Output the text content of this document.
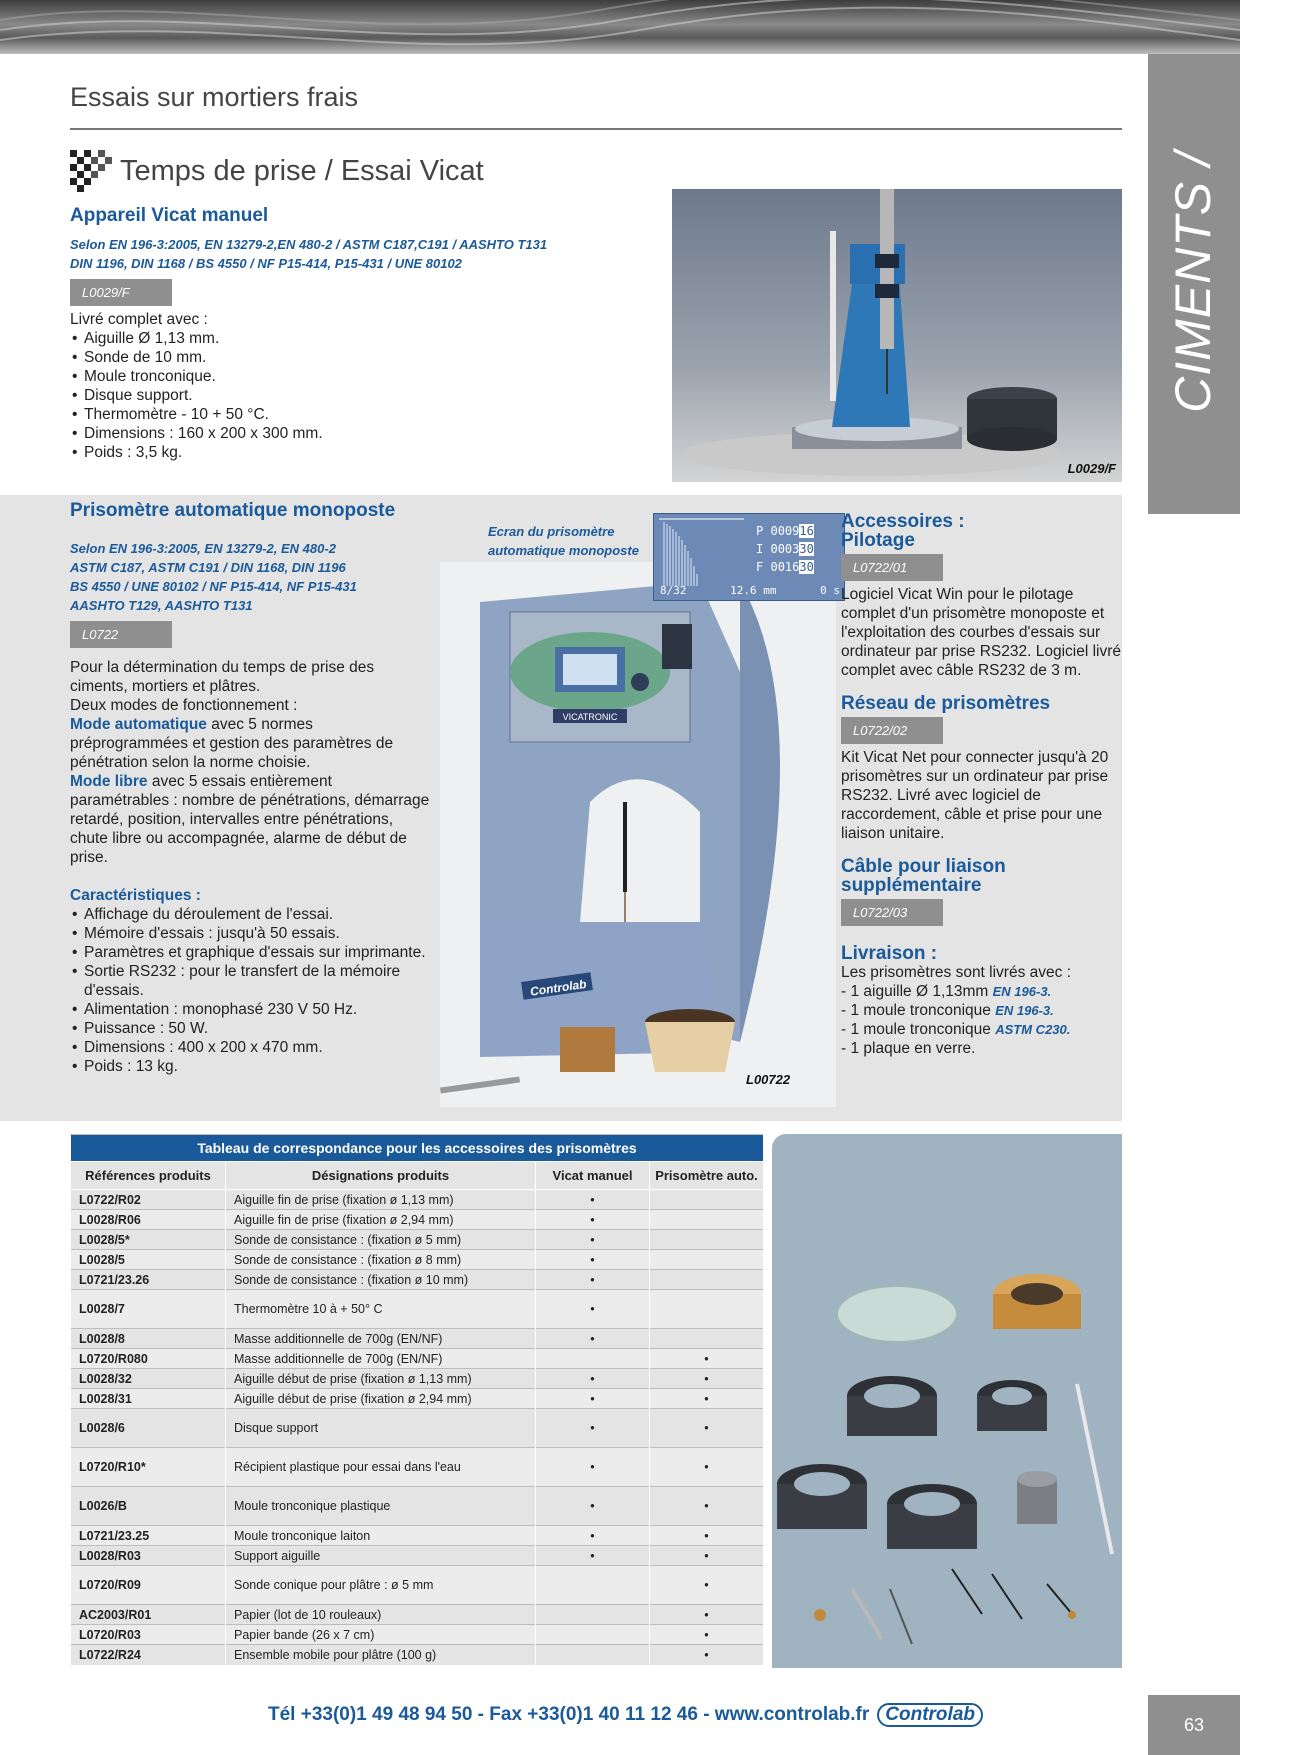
CIMENTS / MORTIERS
63
Essais sur mortiers frais
Temps de prise / Essai Vicat
Appareil Vicat manuel
Selon EN 196-3:2005, EN 13279-2,EN 480-2 / ASTM C187,C191 / AASHTO T131
DIN 1196, DIN 1168 / BS 4550 / NF P15-414, P15-431 / UNE 80102
L0029/F
Livré complet avec :
• Aiguille Ø 1,13 mm.
• Sonde de 10 mm.
• Moule tronconique.
• Disque support.
• Thermomètre - 10 + 50 °C.
• Dimensions : 160 x 200 x 300 mm.
• Poids : 3,5 kg.
L0029/F
Prisomètre automatique monoposte
Selon EN 196-3:2005, EN 13279-2, EN 480-2
ASTM C187, ASTM C191 / DIN 1168, DIN 1196
BS 4550 / UNE 80102 / NF P15-414, NF P15-431
AASHTO T129, AASHTO T131
L0722
Pour la détermination du temps de prise des ciments, mortiers et plâtres.
Deux modes de fonctionnement :
Mode automatique avec 5 normes préprogrammées et gestion des paramètres de pénétration selon la norme choisie.
Mode libre avec 5 essais entièrement paramétrables : nombre de pénétrations, démarrage retardé, position, intervalles entre pénétrations, chute libre ou accompagnée, alarme de début de prise.
Caractéristiques :
• Affichage du déroulement de l'essai.
• Mémoire d'essais : jusqu'à 50 essais.
• Paramètres et graphique d'essais sur imprimante.
• Sortie RS232 : pour le transfert de la mémoire d'essais.
• Alimentation : monophasé 230 V 50 Hz.
• Puissance : 50 W.
• Dimensions : 400 x 200 x 470 mm.
• Poids : 13 kg.
VICATRONIC
Controlab
L00722
Ecran du prisomètre
automatique monoposte
P 000916
I 000330
F 001630
8/32	12.6 mm	0 s
Accessoires :
Pilotage
L0722/01
Logiciel Vicat Win pour le pilotage complet d'un prisomètre monoposte et l'exploitation des courbes d'essais sur ordinateur par prise RS232. Logiciel livré complet avec câble RS232 de 3 m.
Réseau de prisomètres
L0722/02
Kit Vicat Net pour connecter jusqu'à 20 prisomètres sur un ordinateur par prise RS232. Livré avec logiciel de raccordement, câble et prise pour une liaison unitaire.
Câble pour liaison
supplémentaire
L0722/03
Livraison :
Les prisomètres sont livrés avec :
- 1 aiguille Ø 1,13mm EN 196-3.
- 1 moule tronconique EN 196-3.
- 1 moule tronconique ASTM C230.
- 1 plaque en verre.
Tableau de correspondance pour les accessoires des prisomètres			
Références produits	Désignations produits	Vicat manuel	Prisomètre auto.
L0722/R02	Aiguille fin de prise (fixation ø 1,13 mm)	•	
L0028/R06	Aiguille fin de prise (fixation ø 2,94 mm)	•	
L0028/5*	Sonde de consistance : (fixation ø 5 mm)	•	
L0028/5	Sonde de consistance : (fixation ø 8 mm)	•	
L0721/23.26	Sonde de consistance : (fixation ø 10 mm)	•	
L0028/7	Thermomètre 10 à + 50° C	•	
L0028/8	Masse additionnelle de 700g (EN/NF)	•	
L0720/R080	Masse additionnelle de 700g (EN/NF)		•
L0028/32	Aiguille début de prise (fixation ø 1,13 mm)	•	•
L0028/31	Aiguille début de prise (fixation ø 2,94 mm)	•	•
L0028/6	Disque support	•	•
L0720/R10*	Récipient plastique pour essai dans l'eau	•	•
L0026/B	Moule tronconique plastique	•	•
L0721/23.25	Moule tronconique laiton	•	•
L0028/R03	Support aiguille	•	•
L0720/R09	Sonde conique pour plâtre : ø 5 mm		•
AC2003/R01	Papier (lot de 10 rouleaux)		•
L0720/R03	Papier bande (26 x 7 cm)		•
L0722/R24	Ensemble mobile pour plâtre (100 g)		•
Tél +33(0)1 49 48 94 50 - Fax +33(0)1 40 11 12 46 - www.controlab.fr Controlab
